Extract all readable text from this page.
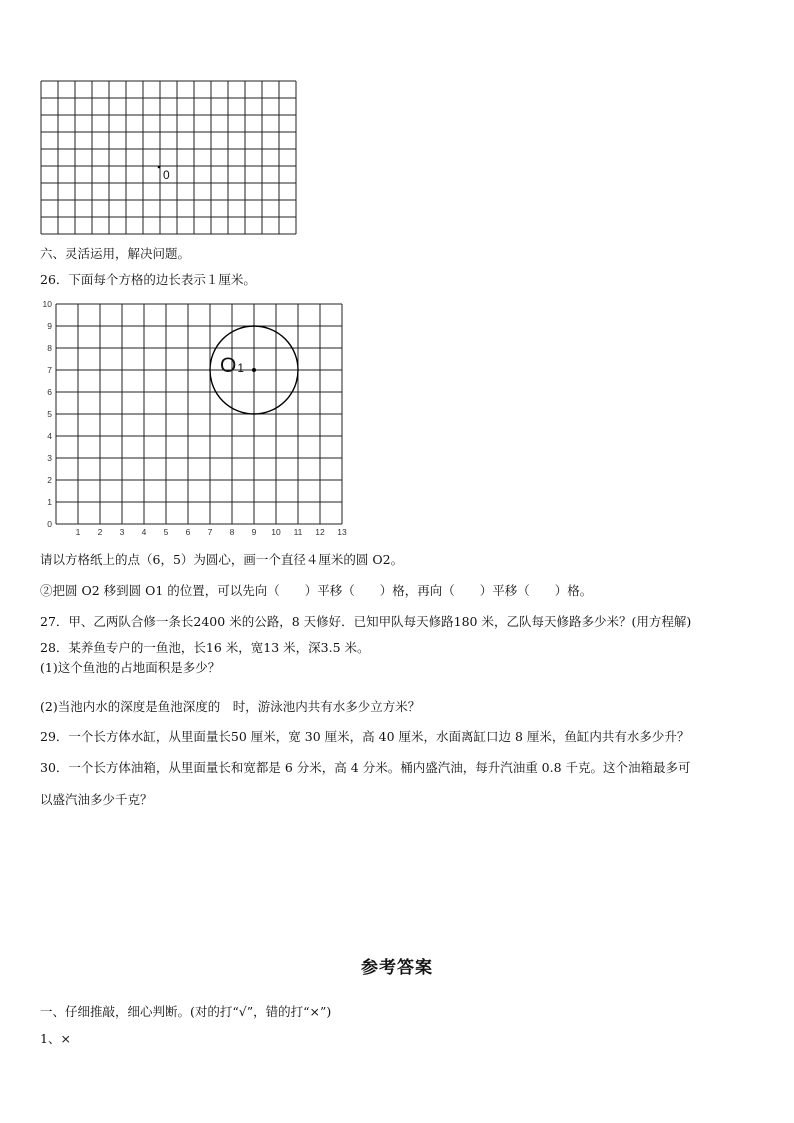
0
六、灵活运用，解决问题。
26．下面每个方格的边长表示１厘米。
0
1
2
3
4
5
6
7
8
9
10
1 2 3 4 5 6 7 8 9 10 11 12 13
O1
请以方格纸上的点（6，5）为圆心，画一个直径４厘米的圆 O2。
②把圆 O2 移到圆 O1 的位置，可以先向（　　）平移（　　）格，再向（　　）平移（　　）格。
27．甲、乙两队合修一条长2400 米的公路，8 天修好．已知甲队每天修路180 米，乙队每天修路多少米？(用方程解)
28．某养鱼专户的一鱼池，长16 米，宽13 米，深3.5 米。
(1)这个鱼池的占地面积是多少？
(2)当池内水的深度是鱼池深度的　时，游泳池内共有水多少立方米？
29．一个长方体水缸，从里面量长50 厘米，宽 30 厘米，高 40 厘米，水面离缸口边 8 厘米，鱼缸内共有水多少升？
30．一个长方体油箱，从里面量长和宽都是 6 分米，高 4 分米。桶内盛汽油，每升汽油重 0.8 千克。这个油箱最多可
以盛汽油多少千克？
参考答案
一、仔细推敲，细心判断。(对的打“√”，错的打“×”)
1、×
